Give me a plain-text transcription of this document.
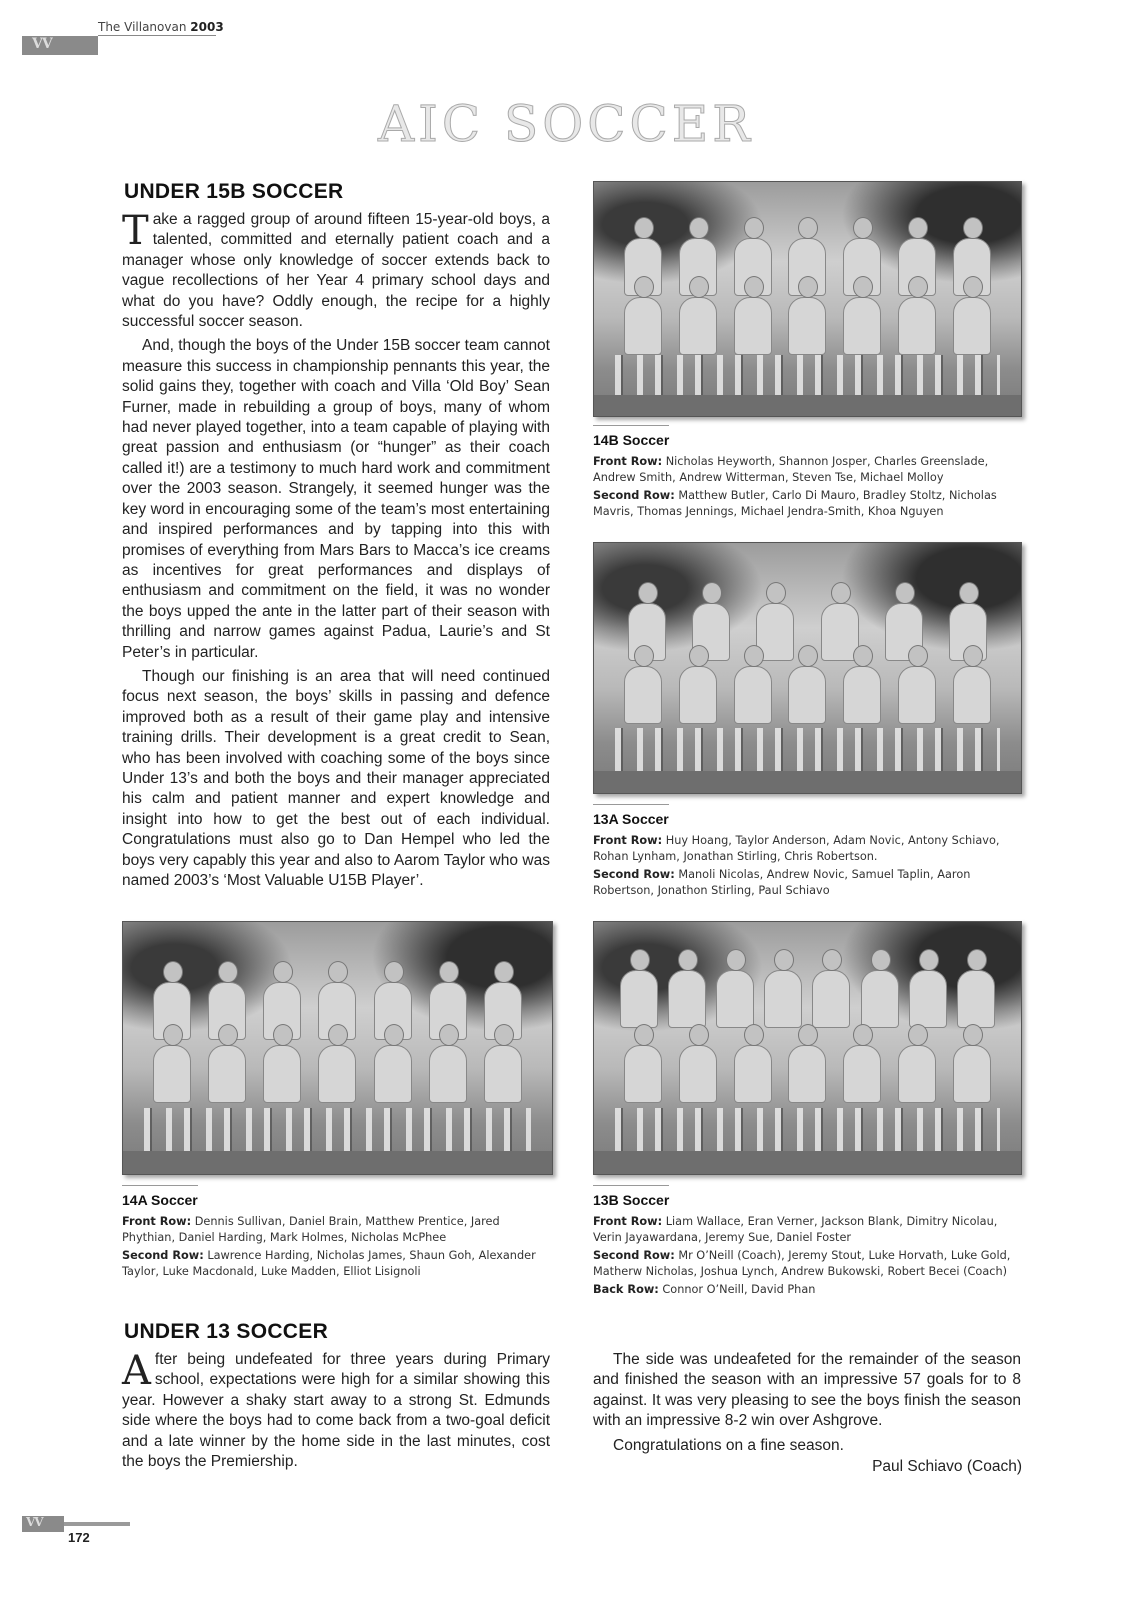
VV
The Villanovan 2003
AIC SOCCER
UNDER 15B SOCCER

Take a ragged group of around fifteen 15-year-old boys, a talented, committed and eternally patient coach and a manager whose only knowledge of soccer extends back to vague recollections of her Year 4 primary school days and what do you have? Oddly enough, the recipe for a highly successful soccer season.

And, though the boys of the Under 15B soccer team cannot measure this success in championship pennants this year, the solid gains they, together with coach and Villa ‘Old Boy’ Sean Furner, made in rebuilding a group of boys, many of whom had never played together, into a team capable of playing with great passion and enthusiasm (or “hunger” as their coach called it!) are a testimony to much hard work and commitment over the 2003 season. Strangely, it seemed hunger was the key word in encouraging some of the team’s most entertaining and inspired performances and by tapping into this with promises of everything from Mars Bars to Macca’s ice creams as incentives for great performances and displays of enthusiasm and commitment on the field, it was no wonder the boys upped the ante in the latter part of their season with thrilling and narrow games against Padua, Laurie’s and St Peter’s in particular.

Though our finishing is an area that will need continued focus next season, the boys’ skills in passing and defence improved both as a result of their game play and intensive training drills. Their development is a great credit to Sean, who has been involved with coaching some of the boys since Under 13’s and both the boys and their manager appreciated his calm and patient manner and expert knowledge and insight into how to get the best out of each individual. Congratulations must also go to Dan Hempel who led the boys very capably this year and also to Aarom Taylor who was named 2003’s ‘Most Valuable U15B Player’.

14B Soccer
Front Row: Nicholas Heyworth, Shannon Josper, Charles Greenslade, Andrew Smith, Andrew Witterman, Steven Tse, Michael Molloy
Second Row: Matthew Butler, Carlo Di Mauro, Bradley Stoltz, Nicholas Mavris, Thomas Jennings, Michael Jendra-Smith, Khoa Nguyen
13A Soccer
Front Row: Huy Hoang, Taylor Anderson, Adam Novic, Antony Schiavo, Rohan Lynham, Jonathan Stirling, Chris Robertson.
Second Row: Manoli Nicolas, Andrew Novic, Samuel Taplin, Aaron Robertson, Jonathon Stirling, Paul Schiavo
14A Soccer
Front Row: Dennis Sullivan, Daniel Brain, Matthew Prentice, Jared Phythian, Daniel Harding, Mark Holmes, Nicholas McPhee
Second Row: Lawrence Harding, Nicholas James, Shaun Goh, Alexander Taylor, Luke Macdonald, Luke Madden, Elliot Lisignoli
13B Soccer
Front Row: Liam Wallace, Eran Verner, Jackson Blank, Dimitry Nicolau, Verin Jayawardana, Jeremy Sue, Daniel Foster
Second Row: Mr O’Neill (Coach), Jeremy Stout, Luke Horvath, Luke Gold, Matherw Nicholas, Joshua Lynch, Andrew Bukowski, Robert Becei (Coach)
Back Row: Connor O’Neill, David Phan
UNDER 13 SOCCER

After being undefeated for three years during Primary school, expectations were high for a similar showing this year. However a shaky start away to a strong St. Edmunds side where the boys had to come back from a two-goal deficit and a late winner by the home side in the last minutes, cost the boys the Premiership.

The side was undeafeted for the remainder of the season and finished the season with an impressive 57 goals for to 8 against. It was very pleasing to see the boys finish the season with an impressive 8-2 win over Ashgrove.

Congratulations on a fine season.

Paul Schiavo (Coach)
VV
172
